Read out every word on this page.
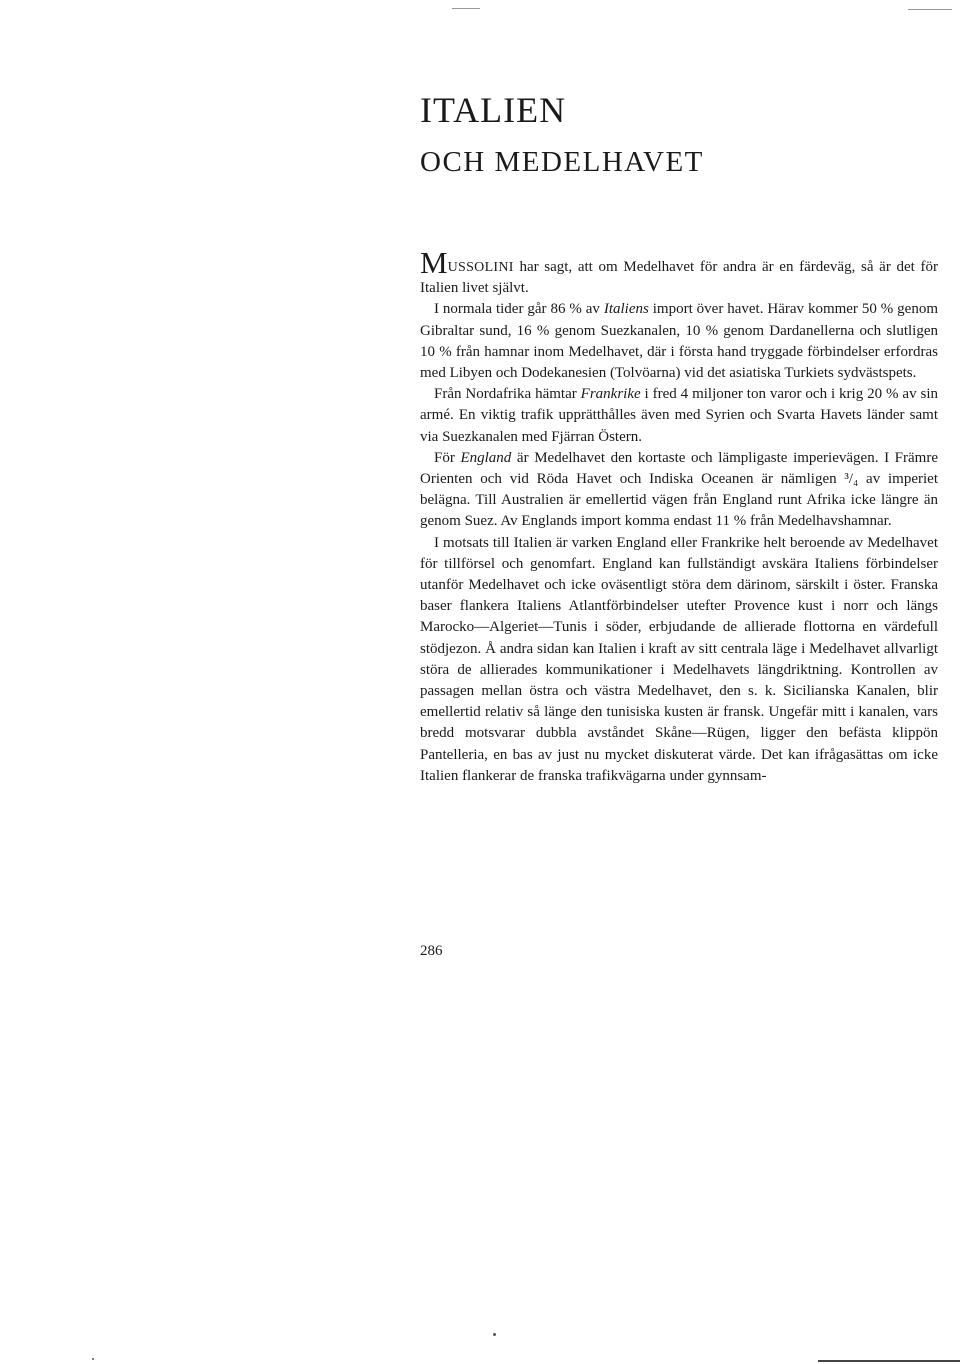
ITALIEN
OCH MEDELHAVET

MUSSOLINI har sagt, att om Medelhavet för andra är en färdeväg, så är det för Italien livet självt.

I normala tider går 86 % av Italiens import över havet. Härav kommer 50 % genom Gibraltar sund, 16 % genom Suezkanalen, 10 % genom Dardanellerna och slutligen 10 % från hamnar inom Medelhavet, där i första hand tryggade förbindelser erfordras med Libyen och Dodekanesien (Tolvöarna) vid det asiatiska Turkiets sydvästspets.

Från Nordafrika hämtar Frankrike i fred 4 miljoner ton varor och i krig 20 % av sin armé. En viktig trafik upprätthålles även med Syrien och Svarta Havets länder samt via Suezkanalen med Fjärran Östern.

För England är Medelhavet den kortaste och lämpligaste imperievägen. I Främre Orienten och vid Röda Havet och Indiska Oceanen är nämligen ³/₄ av imperiet belägna. Till Australien är emellertid vägen från England runt Afrika icke längre än genom Suez. Av Englands import komma endast 11 % från Medelhavshamnar.

I motsats till Italien är varken England eller Frankrike helt beroende av Medelhavet för tillförsel och genomfart. England kan fullständigt avskära Italiens förbindelser utanför Medelhavet och icke oväsentligt störa dem därinom, särskilt i öster. Franska baser flankera Italiens Atlantförbindelser utefter Provence kust i norr och längs Marocko—Algeriet—Tunis i söder, erbjudande de allierade flottorna en värdefull stödjezon. Å andra sidan kan Italien i kraft av sitt centrala läge i Medelhavet allvarligt störa de allierades kommunikationer i Medelhavets längdriktning. Kontrollen av passagen mellan östra och västra Medelhavet, den s. k. Sicilianska Kanalen, blir emellertid relativ så länge den tunisiska kusten är fransk. Ungefär mitt i kanalen, vars bredd motsvarar dubbla avståndet Skåne—Rügen, ligger den befästa klippön Pantelleria, en bas av just nu mycket diskuterat värde. Det kan ifrågasättas om icke Italien flankerar de franska trafikvägarna under gynnsam-

286
